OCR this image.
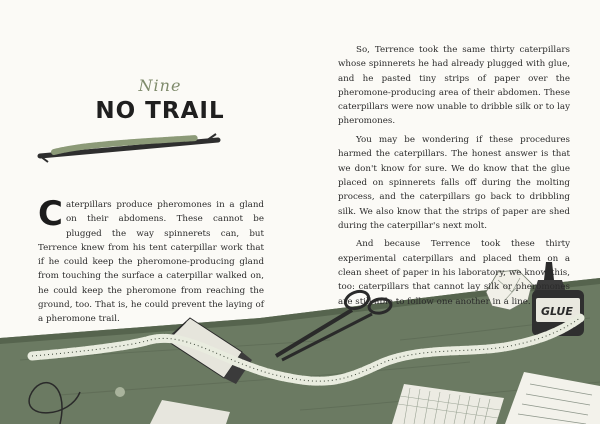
GLUE
Nine
NO TRAIL

Caterpillars produce pheromones in a gland on their abdomens. These cannot be plugged the way spinnerets can, but Terrence knew from his tent caterpillar work that if he could keep the pheromone-producing gland from touching the surface a caterpillar walked on, he could keep the pheromone from reaching the ground, too. That is, he could prevent the laying of a pheromone trail.

So, Terrence took the same thirty caterpillars whose spinnerets he had already plugged with glue, and he pasted tiny strips of paper over the pheromone-producing area of their abdomen. These caterpillars were now unable to dribble silk or to lay pheromones.

You may be wondering if these procedures harmed the caterpillars. The honest answer is that we don't know for sure. We do know that the glue placed on spinnerets falls off during the molting process, and the caterpillars go back to dribbling silk. We also know that the strips of paper are shed during the caterpillar's next molt.

And because Terrence took these thirty experimental caterpillars and placed them on a clean sheet of paper in his laboratory, we know this, too: caterpillars that cannot lay silk or pheromones are still able to follow one another in a line.
